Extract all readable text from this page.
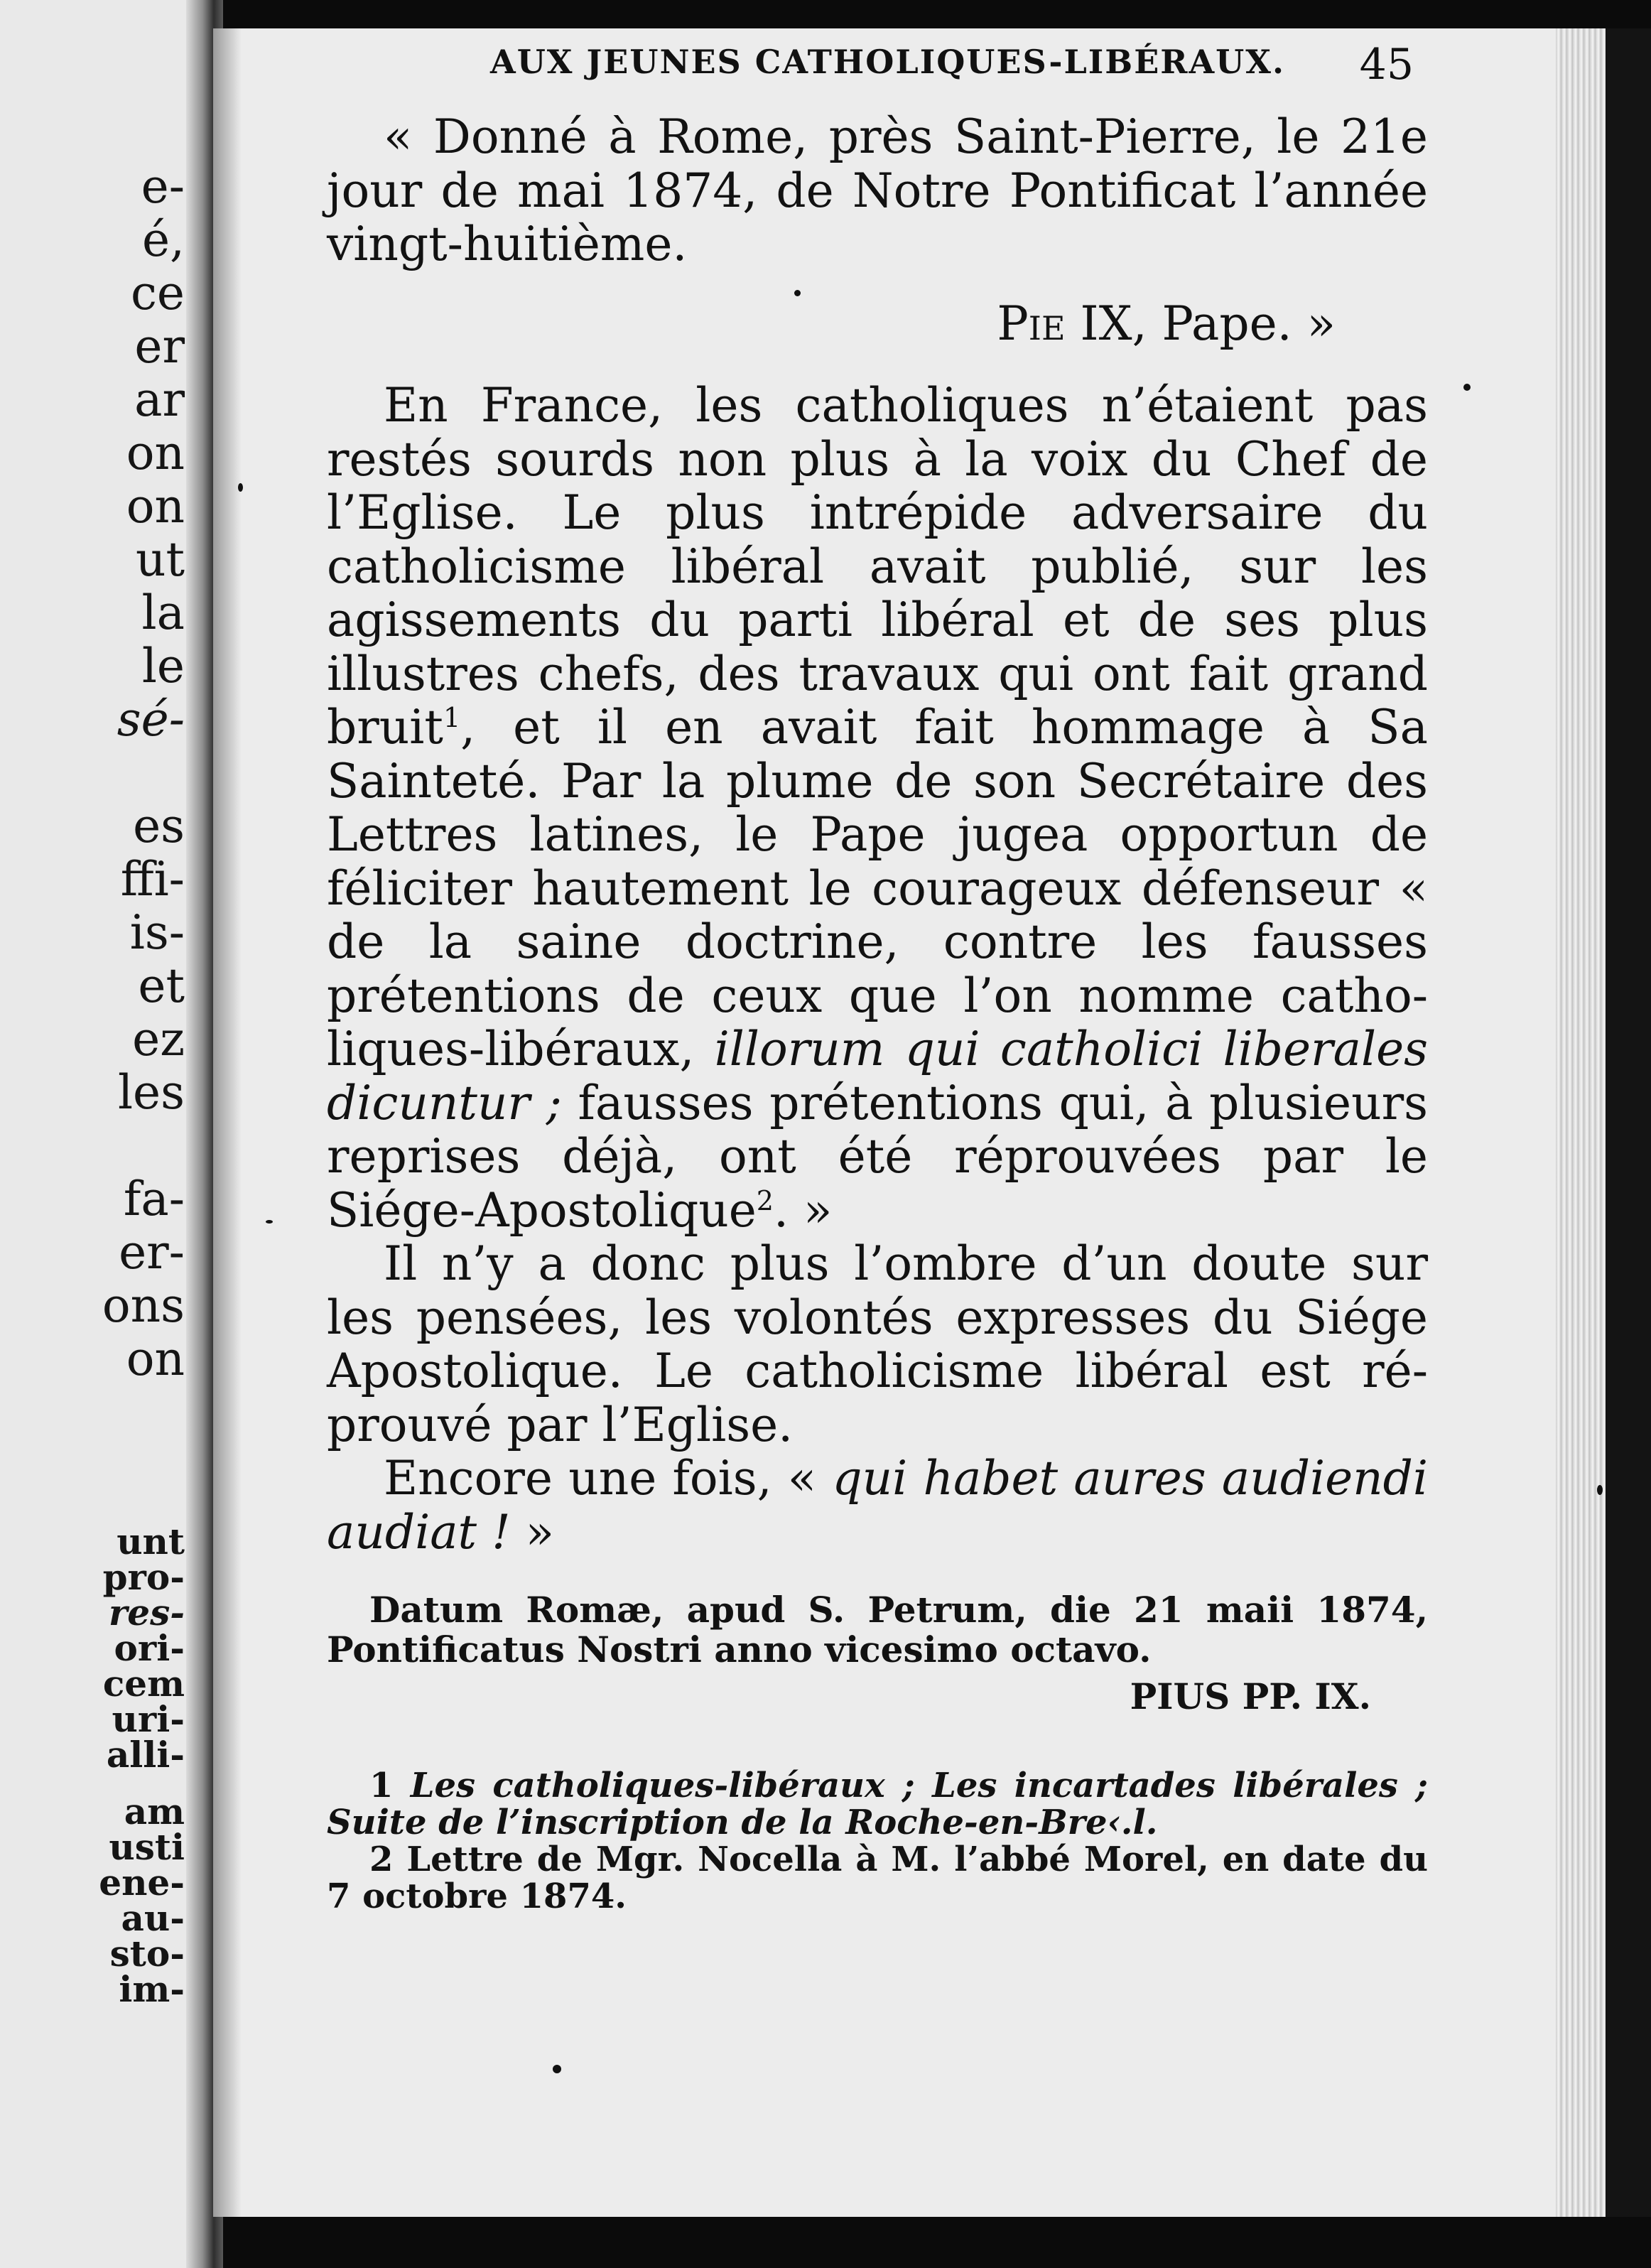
e-
é,
ce
er
ar
on
on
ut
la
le
sé-
es
ffi-
is-
et
ez
les
fa-
er-
ons
on
unt
pro-
res-
ori-
cem
uri-
alli-
am
usti
ene-
au-
sto-
im-
AUX JEUNES CATHOLIQUES-LIBÉRAUX. 45

« Donné à Rome, près Saint-Pierre, le 21e jour de mai 1874, de Notre Pontificat l’année vingt-huitième.

Pie IX, Pape. »

En France, les catholiques n’étaient pas restés sourds non plus à la voix du Chef de l’Eglise. Le plus intrépide adversaire du catholicisme libéral avait publié, sur les agissements du parti libéral et de ses plus illustres chefs, des travaux qui ont fait grand bruit$^1$, et il en avait fait hommage à Sa Sainteté. Par la plume de son Secrétaire des Lettres latines, le Pape jugea opportun de féliciter hautement le courageux défenseur « de la saine doctrine, contre les fausses prétentions de ceux que l’on nomme catholiques-libéraux, illorum qui catholici liberales dicuntur ; fausses prétentions qui, à plusieurs reprises déjà, ont été réprouvées par le Siége-Apostolique$^2$. »

Il n’y a donc plus l’ombre d’un doute sur les pensées, les volontés expresses du Siége Apostolique. Le catholicisme libéral est réprouvé par l’Eglise.

Encore une fois, « qui habet aures audiendi audiat ! »

Datum Romæ, apud S. Petrum, die 21 maii 1874, Pontificatus Nostri anno vicesimo octavo.

PIUS PP. IX.

1 Les catholiques-libéraux ; Les incartades libérales ; Suite de l’inscription de la Roche-en-Bre‹.l.

2 Lettre de Mgr. Nocella à M. l’abbé Morel, en date du 7 octobre 1874.
